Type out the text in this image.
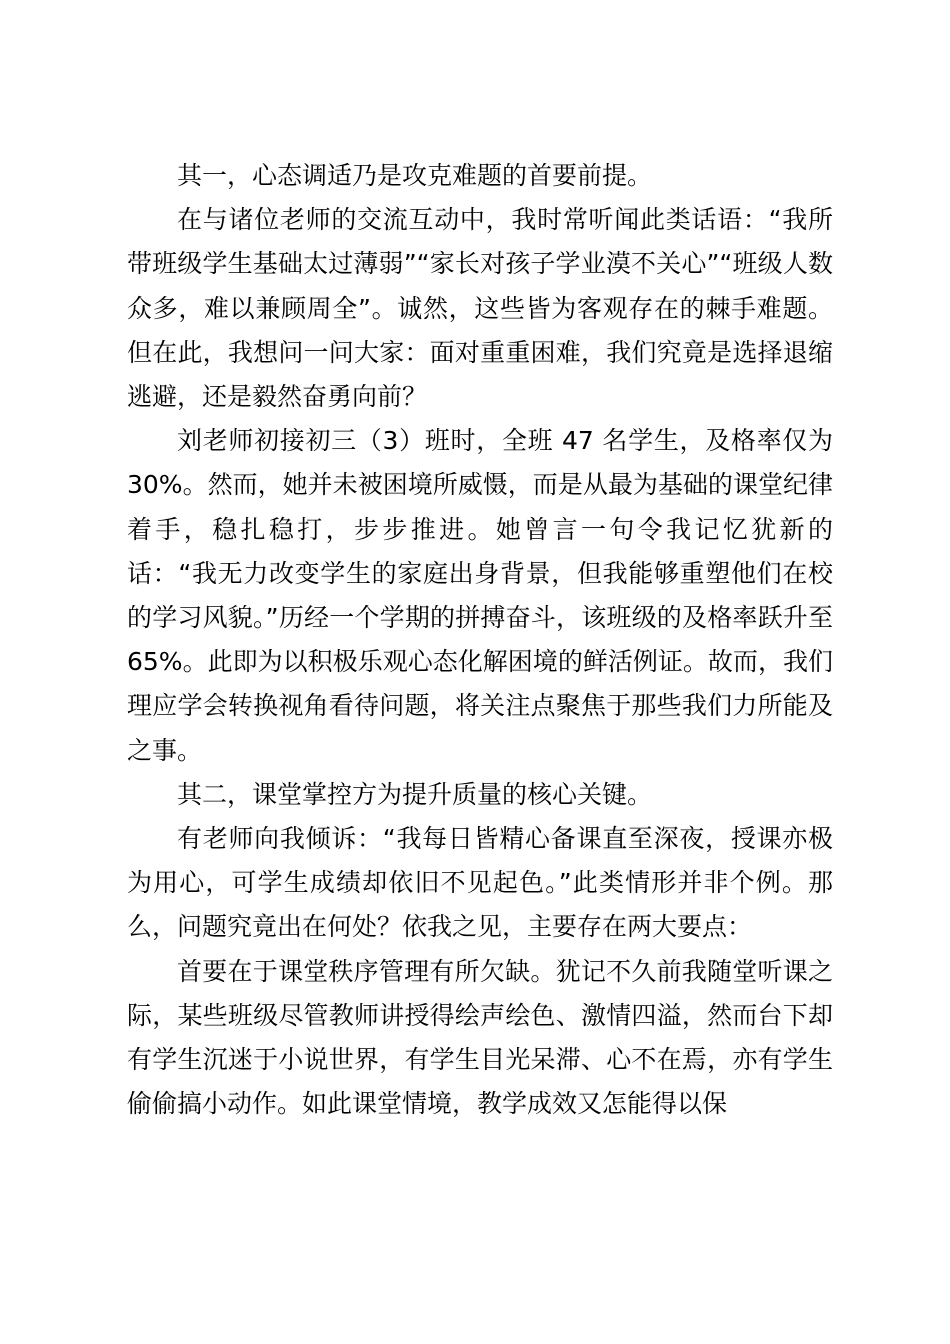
其一，心态调适乃是攻克难题的首要前提。

在与诸位老师的交流互动中，我时常听闻此类话语：“我所带班级学生基础太过薄弱”“家长对孩子学业漠不关心”“班级人数众多，难以兼顾周全”。诚然，这些皆为客观存在的棘手难题。但在此，我想问一问大家：面对重重困难，我们究竟是选择退缩逃避，还是毅然奋勇向前？

刘老师初接初三（3）班时，全班 47 名学生，及格率仅为 30%。然而，她并未被困境所威慑，而是从最为基础的课堂纪律着手，稳扎稳打，步步推进。她曾言一句令我记忆犹新的话：“我无力改变学生的家庭出身背景，但我能够重塑他们在校的学习风貌。”历经一个学期的拼搏奋斗，该班级的及格率跃升至 65%。此即为以积极乐观心态化解困境的鲜活例证。故而，我们理应学会转换视角看待问题，将关注点聚焦于那些我们力所能及之事。

其二，课堂掌控方为提升质量的核心关键。

有老师向我倾诉：“我每日皆精心备课直至深夜，授课亦极为用心，可学生成绩却依旧不见起色。”此类情形并非个例。那么，问题究竟出在何处？依我之见，主要存在两大要点：

首要在于课堂秩序管理有所欠缺。犹记不久前我随堂听课之际，某些班级尽管教师讲授得绘声绘色、激情四溢，然而台下却有学生沉迷于小说世界，有学生目光呆滞、心不在焉，亦有学生偷偷搞小动作。如此课堂情境，教学成效又怎能得以保
